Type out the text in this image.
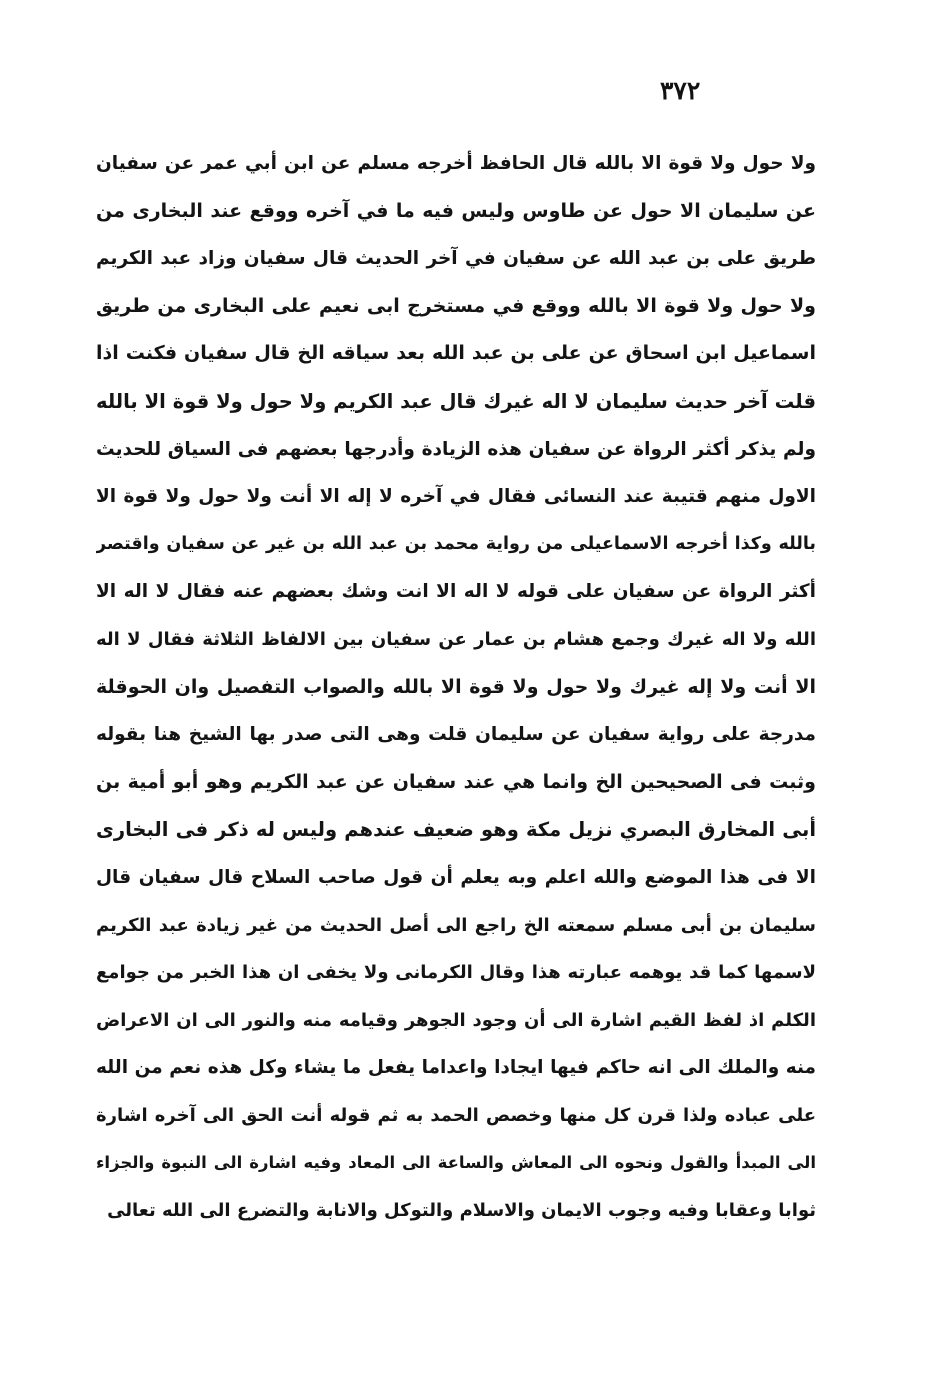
٣٧٢
ولا حول ولا قوة الا بالله قال الحافظ أخرجه مسلم عن ابن أبي عمر عن سفيان
عن سليمان الا حول عن طاوس وليس فيه ما في آخره ووقع عند البخارى من
طريق على بن عبد الله عن سفيان في آخر الحديث قال سفيان وزاد عبد الكريم
ولا حول ولا قوة الا بالله ووقع في مستخرج ابى نعيم على البخارى من طريق
اسماعيل ابن اسحاق عن على بن عبد الله بعد سياقه الخ قال سفيان فكنت اذا
قلت آخر حديث سليمان لا اله غيرك قال عبد الكريم ولا حول ولا قوة الا بالله
ولم يذكر أكثر الرواة عن سفيان هذه الزيادة وأدرجها بعضهم فى السياق للحديث
الاول منهم قتيبة عند النسائى فقال في آخره لا إله الا أنت ولا حول ولا قوة الا
بالله وكذا أخرجه الاسماعيلى من رواية محمد بن عبد الله بن غير عن سفيان واقتصر
أكثر الرواة عن سفيان على قوله لا اله الا انت وشك بعضهم عنه فقال لا اله الا
الله ولا اله غيرك وجمع هشام بن عمار عن سفيان بين الالفاظ الثلاثة فقال لا اله
الا أنت ولا إله غيرك ولا حول ولا قوة الا بالله والصواب التفصيل وان الحوقلة
مدرجة على رواية سفيان عن سليمان قلت وهى التى صدر بها الشيخ هنا بقوله
وثبت فى الصحيحين الخ وانما هي عند سفيان عن عبد الكريم وهو أبو أمية بن
أبى المخارق البصري نزيل مكة وهو ضعيف عندهم وليس له ذكر فى البخارى
الا فى هذا الموضع والله اعلم وبه يعلم أن قول صاحب السلاح قال سفيان قال
سليمان بن أبى مسلم سمعته الخ راجع الى أصل الحديث من غير زيادة عبد الكريم
لاسمها كما قد يوهمه عبارته هذا وقال الكرمانى ولا يخفى ان هذا الخبر من جوامع
الكلم اذ لفظ القيم اشارة الى أن وجود الجوهر وقيامه منه والنور الى ان الاعراض
منه والملك الى انه حاكم فيها ايجادا واعداما يفعل ما يشاء وكل هذه نعم من الله
على عباده ولذا قرن كل منها وخصص الحمد به ثم قوله أنت الحق الى آخره اشارة
الى المبدأ والقول ونحوه الى المعاش والساعة الى المعاد وفيه اشارة الى النبوة والجزاء
ثوابا وعقابا وفيه وجوب الايمان والاسلام والتوكل والانابة والتضرع الى الله تعالى
